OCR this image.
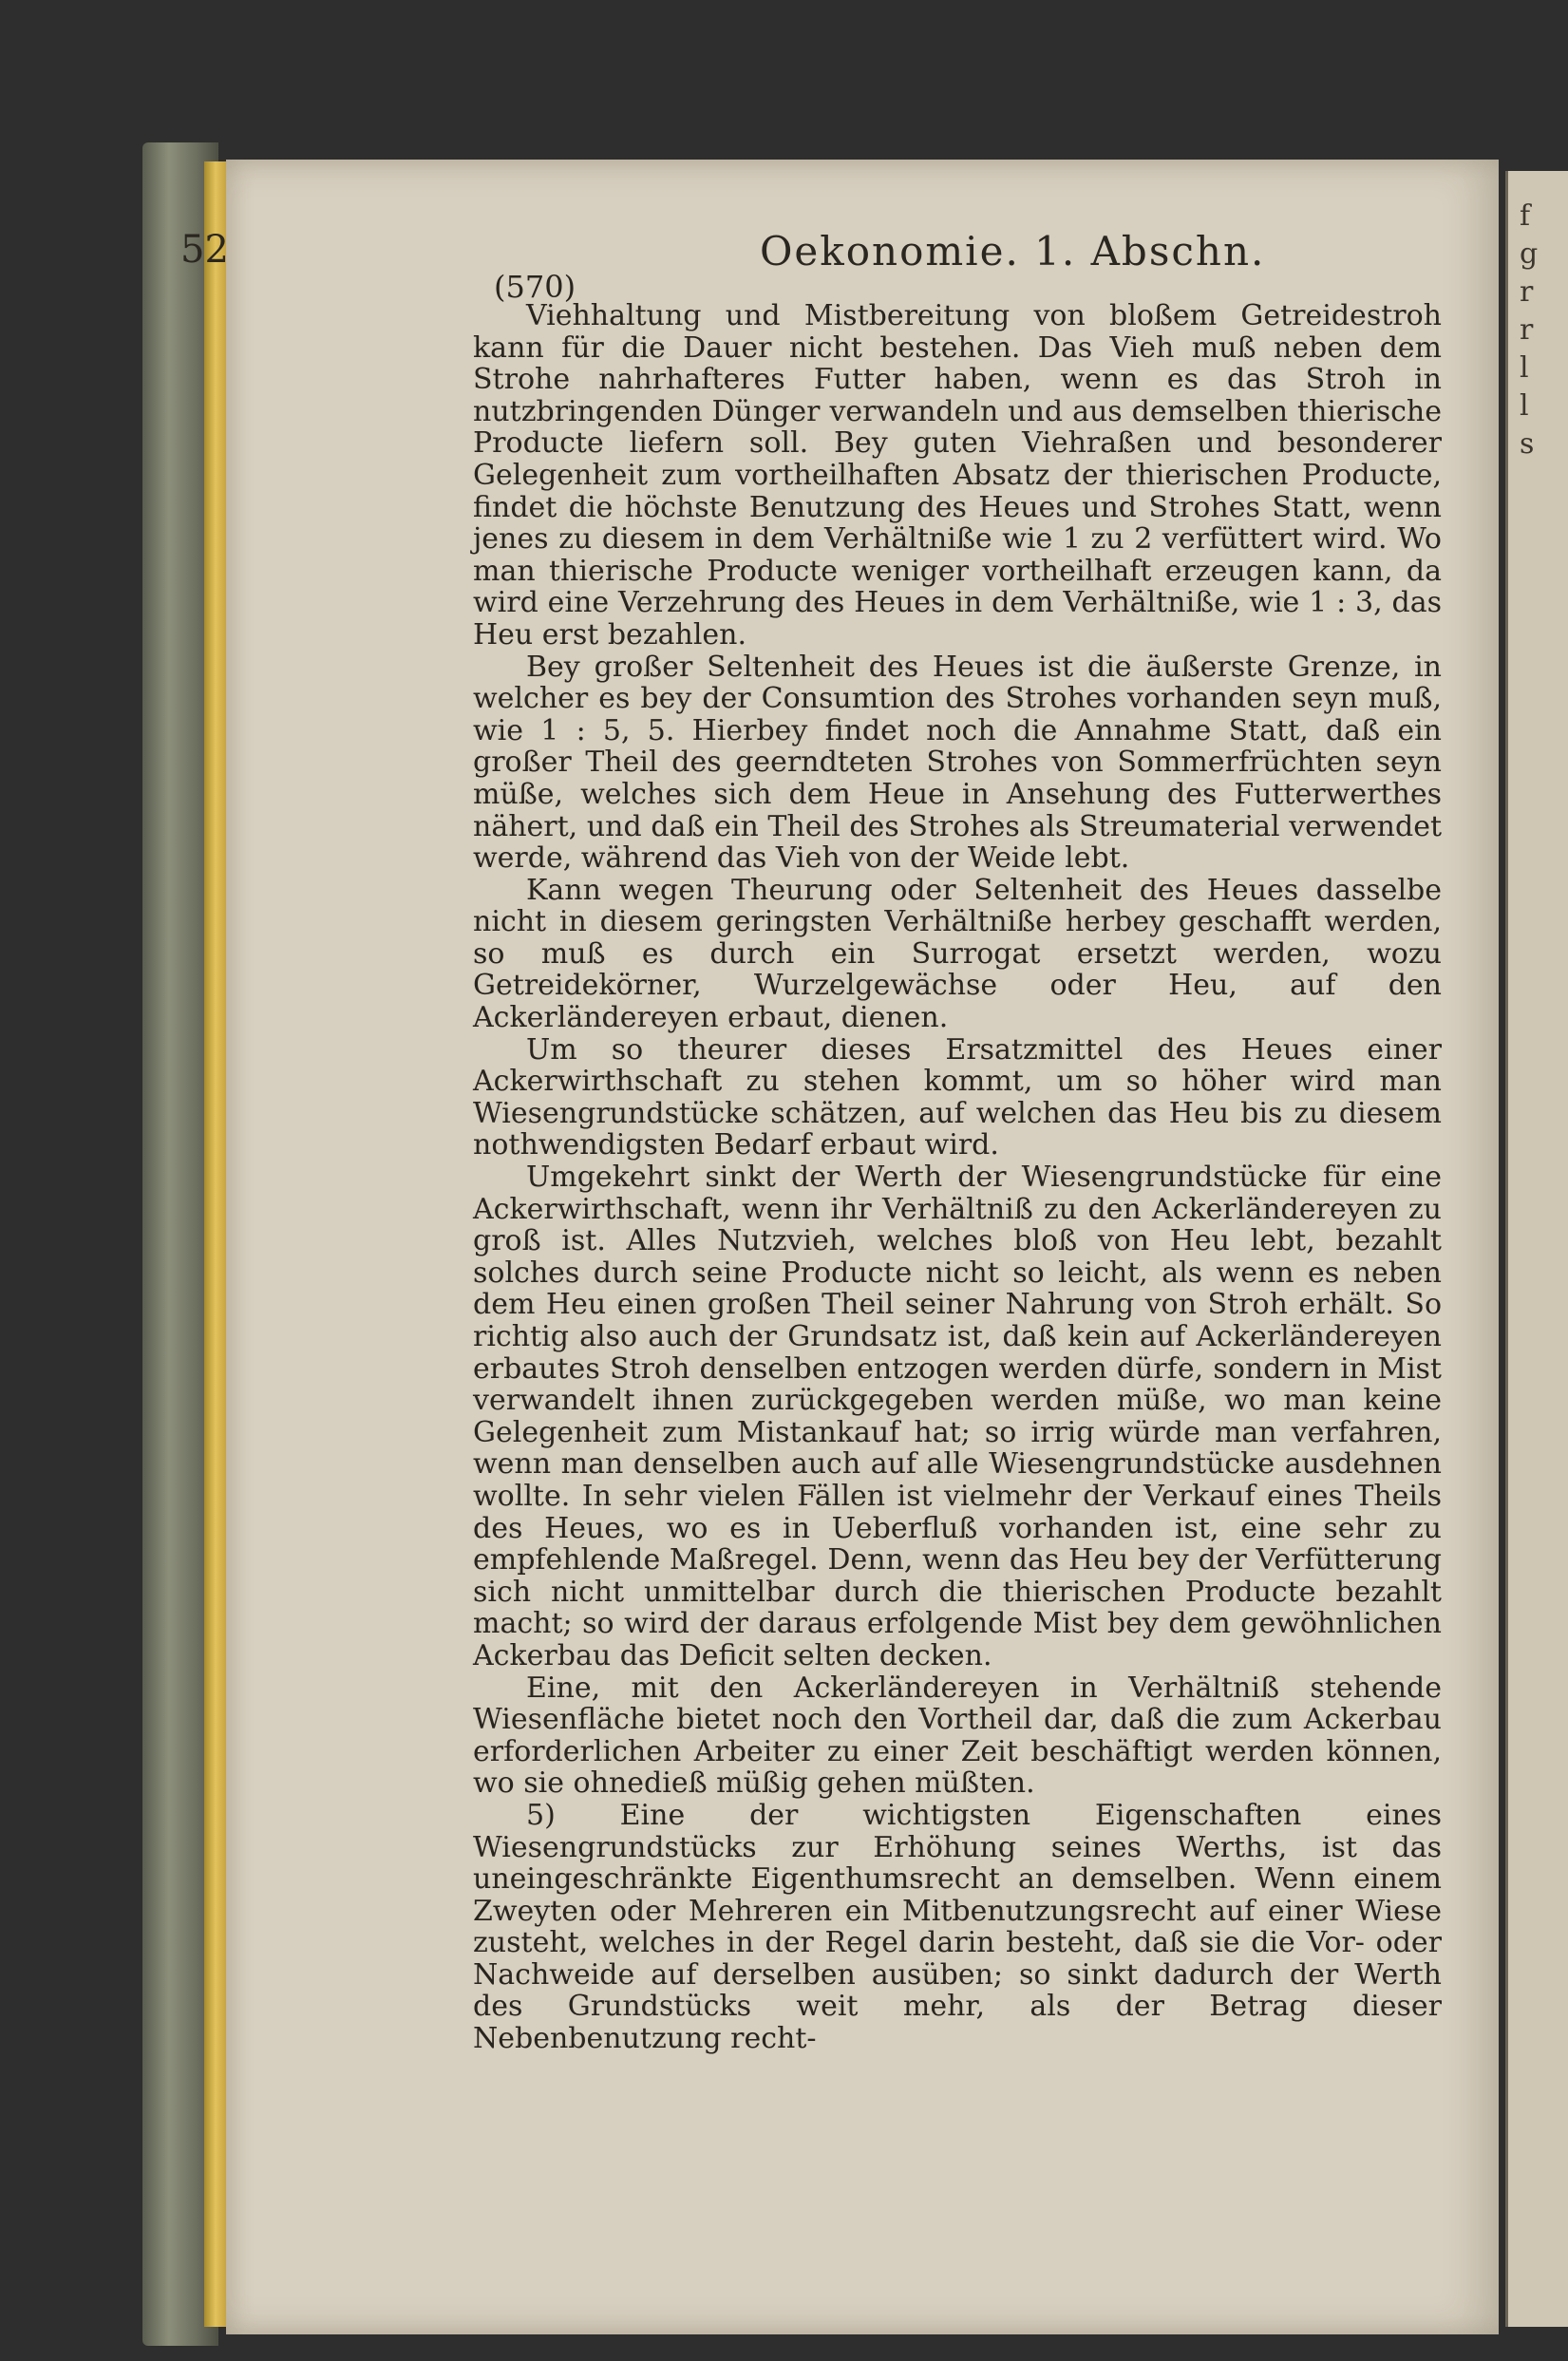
f
g
r
r
l
l
s
52	Oekonomie. 1. Abschn.
(570)

Viehhaltung und Mistbereitung von bloßem Getreidestroh kann für die Dauer nicht bestehen. Das Vieh muß neben dem Strohe nahrhafteres Futter haben, wenn es das Stroh in nutzbringenden Dünger verwandeln und aus demselben thierische Producte liefern soll. Bey guten Viehraßen und besonderer Gelegenheit zum vortheilhaften Absatz der thierischen Producte, findet die höchste Benutzung des Heues und Strohes Statt, wenn jenes zu diesem in dem Verhältniße wie 1 zu 2 verfüttert wird. Wo man thierische Producte weniger vortheilhaft erzeugen kann, da wird eine Verzehrung des Heues in dem Verhältniße, wie 1 : 3, das Heu erst bezahlen.

Bey großer Seltenheit des Heues ist die äußerste Grenze, in welcher es bey der Consumtion des Strohes vorhanden seyn muß, wie 1 : 5, 5. Hierbey findet noch die Annahme Statt, daß ein großer Theil des geerndteten Strohes von Sommerfrüchten seyn müße, welches sich dem Heue in Ansehung des Futterwerthes nähert, und daß ein Theil des Strohes als Streumaterial verwendet werde, während das Vieh von der Weide lebt.

Kann wegen Theurung oder Seltenheit des Heues dasselbe nicht in diesem geringsten Verhältniße herbey geschafft werden, so muß es durch ein Surrogat ersetzt werden, wozu Getreidekörner, Wurzelgewächse oder Heu, auf den Ackerländereyen erbaut, dienen.

Um so theurer dieses Ersatzmittel des Heues einer Ackerwirthschaft zu stehen kommt, um so höher wird man Wiesengrundstücke schätzen, auf welchen das Heu bis zu diesem nothwendigsten Bedarf erbaut wird.

Umgekehrt sinkt der Werth der Wiesengrundstücke für eine Ackerwirthschaft, wenn ihr Verhältniß zu den Ackerländereyen zu groß ist. Alles Nutzvieh, welches bloß von Heu lebt, bezahlt solches durch seine Producte nicht so leicht, als wenn es neben dem Heu einen großen Theil seiner Nahrung von Stroh erhält. So richtig also auch der Grundsatz ist, daß kein auf Ackerländereyen erbautes Stroh denselben entzogen werden dürfe, sondern in Mist verwandelt ihnen zurückgegeben werden müße, wo man keine Gelegenheit zum Mistankauf hat; so irrig würde man verfahren, wenn man denselben auch auf alle Wiesengrundstücke ausdehnen wollte. In sehr vielen Fällen ist vielmehr der Verkauf eines Theils des Heues, wo es in Ueberfluß vorhanden ist, eine sehr zu empfehlende Maßregel. Denn, wenn das Heu bey der Verfütterung sich nicht unmittelbar durch die thierischen Producte bezahlt macht; so wird der daraus erfolgende Mist bey dem gewöhnlichen Ackerbau das Deficit selten decken.

Eine, mit den Ackerländereyen in Verhältniß stehende Wiesenfläche bietet noch den Vortheil dar, daß die zum Ackerbau erforderlichen Arbeiter zu einer Zeit beschäftigt werden können, wo sie ohnedieß müßig gehen müßten.

5) Eine der wichtigsten Eigenschaften eines Wiesengrundstücks zur Erhöhung seines Werths, ist das uneingeschränkte Eigenthumsrecht an demselben. Wenn einem Zweyten oder Mehreren ein Mitbenutzungsrecht auf einer Wiese zusteht, welches in der Regel darin besteht, daß sie die Vor- oder Nachweide auf derselben ausüben; so sinkt dadurch der Werth des Grundstücks weit mehr, als der Betrag dieser Nebenbenutzung recht-
